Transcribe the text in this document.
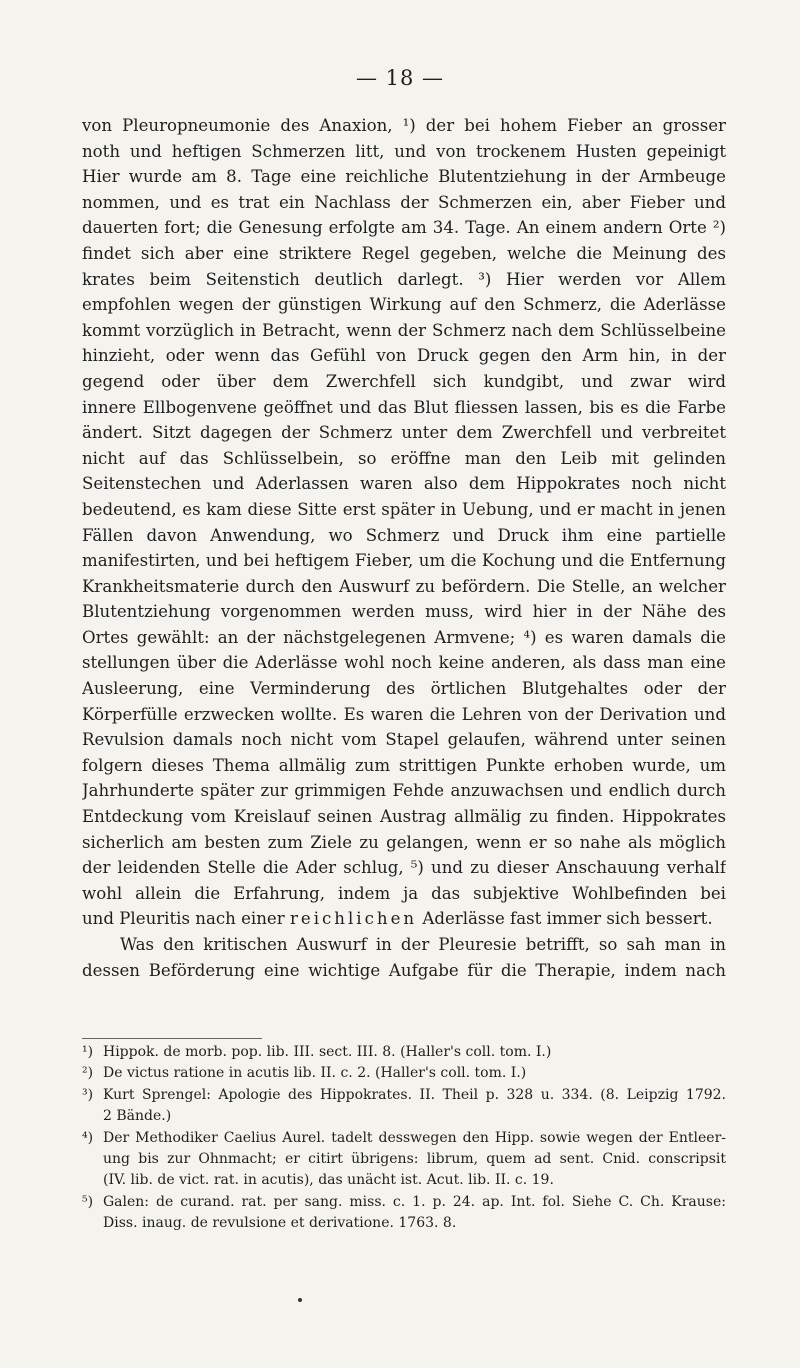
— 18 —
von Pleuropneumonie des Anaxion, ¹) der bei hohem Fieber an grosser
noth und heftigen Schmerzen litt, und von trockenem Husten gepeinigt
Hier wurde am 8. Tage eine reichliche Blutentziehung in der Armbeuge
nommen, und es trat ein Nachlass der Schmerzen ein, aber Fieber und
dauerten fort; die Genesung erfolgte am 34. Tage. An einem andern Orte ²)
findet sich aber eine striktere Regel gegeben, welche die Meinung des
krates beim Seitenstich deutlich darlegt. ³) Hier werden vor Allem
empfohlen wegen der günstigen Wirkung auf den Schmerz, die Aderlässe
kommt vorzüglich in Betracht, wenn der Schmerz nach dem Schlüsselbeine
hinzieht, oder wenn das Gefühl von Druck gegen den Arm hin, in der
gegend oder über dem Zwerchfell sich kundgibt, und zwar wird
innere Ellbogenvene geöffnet und das Blut fliessen lassen, bis es die Farbe
ändert. Sitzt dagegen der Schmerz unter dem Zwerchfell und verbreitet
nicht auf das Schlüsselbein, so eröffne man den Leib mit gelinden
Seitenstechen und Aderlassen waren also dem Hippokrates noch nicht
bedeutend, es kam diese Sitte erst später in Uebung, und er macht in jenen
Fällen davon Anwendung, wo Schmerz und Druck ihm eine partielle
manifestirten, und bei heftigem Fieber, um die Kochung und die Entfernung
Krankheitsmaterie durch den Auswurf zu befördern. Die Stelle, an welcher
Blutentziehung vorgenommen werden muss, wird hier in der Nähe des
Ortes gewählt: an der nächstgelegenen Armvene; ⁴) es waren damals die
stellungen über die Aderlässe wohl noch keine anderen, als dass man eine
Ausleerung, eine Verminderung des örtlichen Blutgehaltes oder der
Körperfülle erzwecken wollte. Es waren die Lehren von der Derivation und
Revulsion damals noch nicht vom Stapel gelaufen, während unter seinen
folgern dieses Thema allmälig zum strittigen Punkte erhoben wurde, um
Jahrhunderte später zur grimmigen Fehde anzuwachsen und endlich durch
Entdeckung vom Kreislauf seinen Austrag allmälig zu finden. Hippokrates
sicherlich am besten zum Ziele zu gelangen, wenn er so nahe als möglich
der leidenden Stelle die Ader schlug, ⁵) und zu dieser Anschauung verhalf
wohl allein die Erfahrung, indem ja das subjektive Wohlbefinden bei
und Pleuritis nach einer reichlichen Aderlässe fast immer sich bessert.
Was den kritischen Auswurf in der Pleuresie betrifft, so sah man in
dessen Beförderung eine wichtige Aufgabe für die Therapie, indem nach
¹) Hippok. de morb. pop. lib. III. sect. III. 8. (Haller's coll. tom. I.)
²) De victus ratione in acutis lib. II. c. 2. (Haller's coll. tom. I.)
³) Kurt Sprengel: Apologie des Hippokrates. II. Theil p. 328 u. 334. (8. Leipzig 1792.
2 Bände.)
⁴) Der Methodiker Caelius Aurel. tadelt desswegen den Hipp. sowie wegen der Entleer-
ung bis zur Ohnmacht; er citirt übrigens: librum, quem ad sent. Cnid. conscripsit
(IV. lib. de vict. rat. in acutis), das unächt ist. Acut. lib. II. c. 19.
⁵) Galen: de curand. rat. per sang. miss. c. 1. p. 24. ap. Int. fol. Siehe C. Ch. Krause:
Diss. inaug. de revulsione et derivatione. 1763. 8.
